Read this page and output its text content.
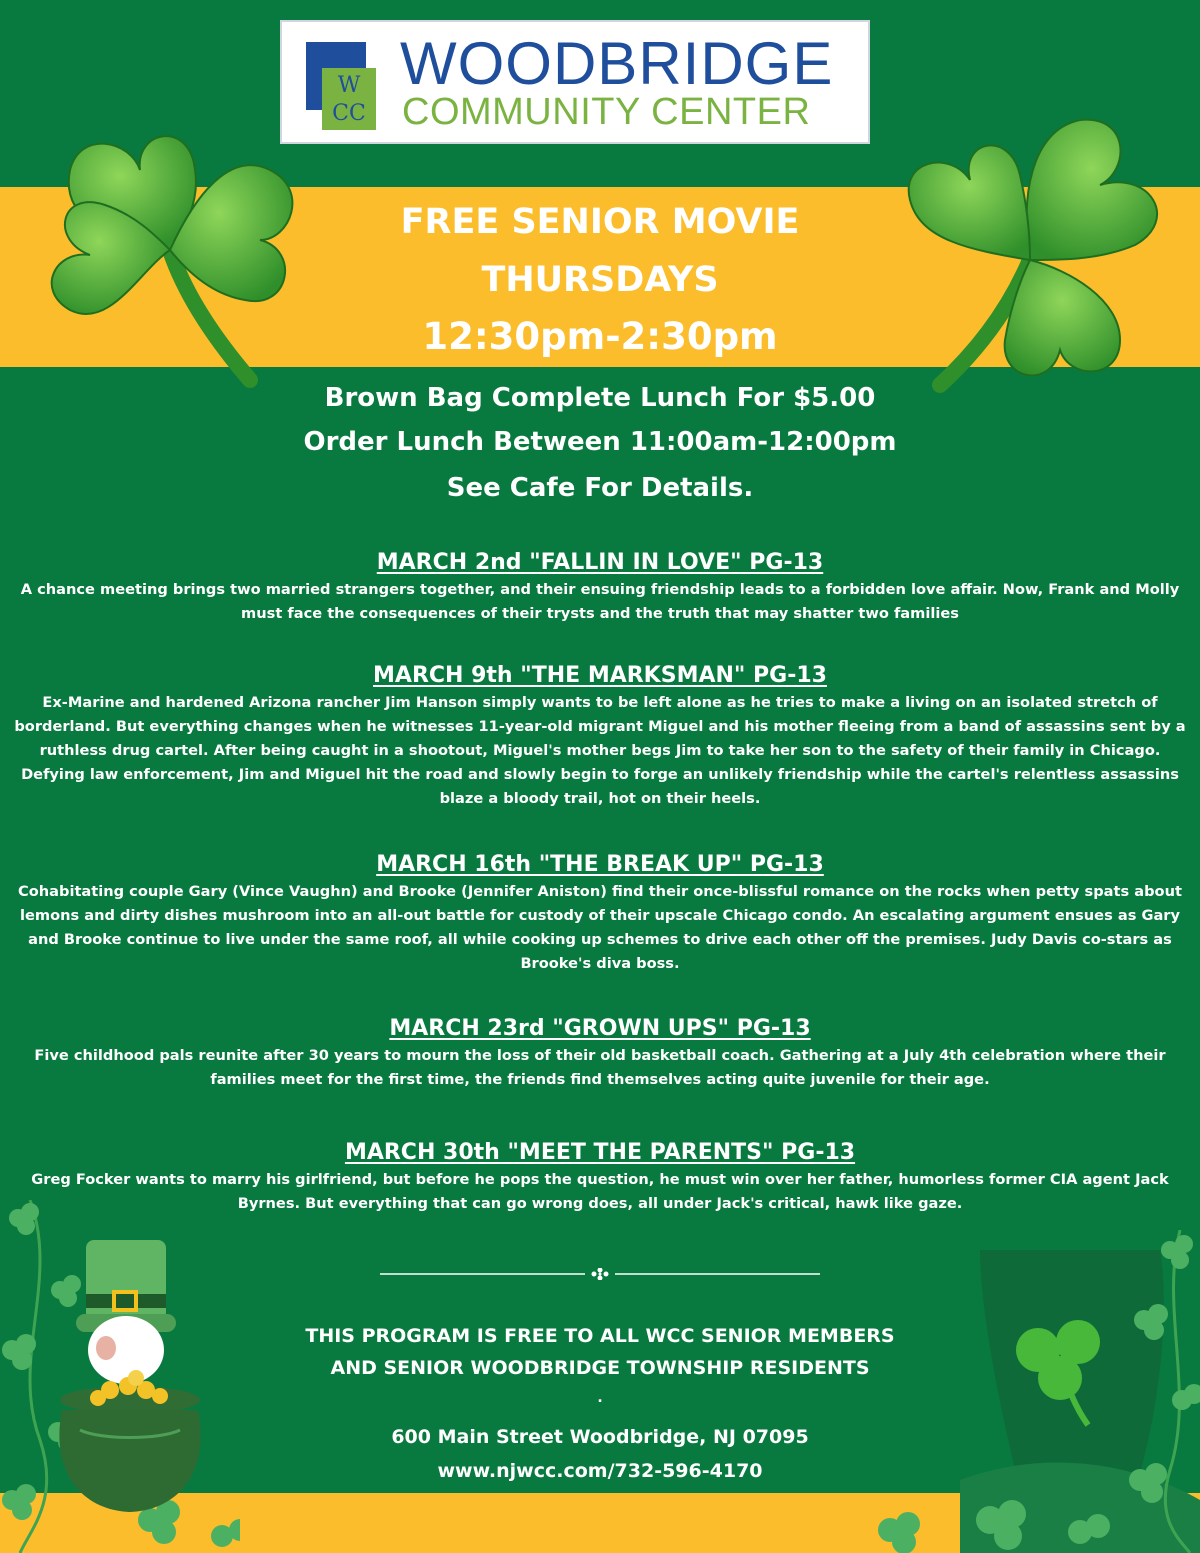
W
CC
WOODBRIDGE
COMMUNITY CENTER
FREE SENIOR MOVIE
THURSDAYS
12:30pm-2:30pm
Brown Bag Complete Lunch For $5.00
Order Lunch Between 11:00am-12:00pm
See Cafe For Details.
MARCH 2nd "FALLIN IN LOVE" PG-13
A chance meeting brings two married strangers together, and their ensuing friendship leads to a forbidden love affair. Now, Frank and Molly must face the consequences of their trysts and the truth that may shatter two families
MARCH 9th "THE MARKSMAN" PG-13
Ex-Marine and hardened Arizona rancher Jim Hanson simply wants to be left alone as he tries to make a living on an isolated stretch of borderland. But everything changes when he witnesses 11-year-old migrant Miguel and his mother fleeing from a band of assassins sent by a ruthless drug cartel. After being caught in a shootout, Miguel's mother begs Jim to take her son to the safety of their family in Chicago. Defying law enforcement, Jim and Miguel hit the road and slowly begin to forge an unlikely friendship while the cartel's relentless assassins blaze a bloody trail, hot on their heels.
MARCH 16th "THE BREAK UP" PG-13
Cohabitating couple Gary (Vince Vaughn) and Brooke (Jennifer Aniston) find their once-blissful romance on the rocks when petty spats about lemons and dirty dishes mushroom into an all-out battle for custody of their upscale Chicago condo. An escalating argument ensues as Gary and Brooke continue to live under the same roof, all while cooking up schemes to drive each other off the premises. Judy Davis co-stars as Brooke's diva boss.
MARCH 23rd "GROWN UPS" PG-13
Five childhood pals reunite after 30 years to mourn the loss of their old basketball coach. Gathering at a July 4th celebration where their families meet for the first time, the friends find themselves acting quite juvenile for their age.
MARCH 30th "MEET THE PARENTS" PG-13
Greg Focker wants to marry his girlfriend, but before he pops the question, he must win over her father, humorless former CIA agent Jack Byrnes. But everything that can go wrong does, all under Jack's critical, hawk like gaze.
THIS PROGRAM IS FREE TO ALL WCC SENIOR MEMBERS
AND SENIOR WOODBRIDGE TOWNSHIP RESIDENTS
.
600 Main Street Woodbridge, NJ 07095
www.njwcc.com/732-596-4170
